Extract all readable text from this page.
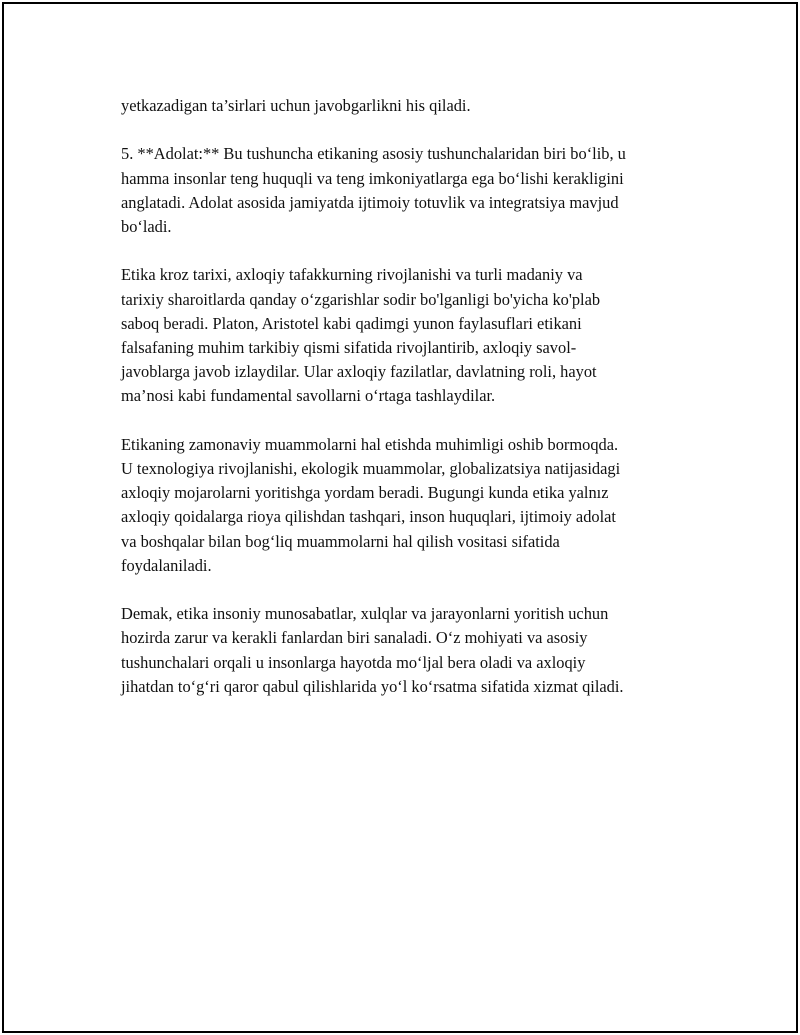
yetkazadigan ta’sirlari uchun javobgarlikni his qiladi.

5. **Adolat:** Bu tushuncha etikaning asosiy tushunchalaridan biri bo‘lib, u
hamma insonlar teng huquqli va teng imkoniyatlarga ega bo‘lishi kerakligini
anglatadi. Adolat asosida jamiyatda ijtimoiy totuvlik va integratsiya mavjud
bo‘ladi.

Etika kroz tarixi, axloqiy tafakkurning rivojlanishi va turli madaniy va
tarixiy sharoitlarda qanday o‘zgarishlar sodir bo'lganligi bo'yicha ko'plab
saboq beradi. Platon, Aristotel kabi qadimgi yunon faylasuflari etikani
falsafaning muhim tarkibiy qismi sifatida rivojlantirib, axloqiy savol-
javoblarga javob izlaydilar. Ular axloqiy fazilatlar, davlatning roli, hayot
ma’nosi kabi fundamental savollarni o‘rtaga tashlaydilar.

Etikaning zamonaviy muammolarni hal etishda muhimligi oshib bormoqda.
U texnologiya rivojlanishi, ekologik muammolar, globalizatsiya natijasidagi
axloqiy mojarolarni yoritishga yordam beradi. Bugungi kunda etika yalnız
axloqiy qoidalarga rioya qilishdan tashqari, inson huquqlari, ijtimoiy adolat
va boshqalar bilan bog‘liq muammolarni hal qilish vositasi sifatida
foydalaniladi.

Demak, etika insoniy munosabatlar, xulqlar va jarayonlarni yoritish uchun
hozirda zarur va kerakli fanlardan biri sanaladi. O‘z mohiyati va asosiy
tushunchalari orqali u insonlarga hayotda mo‘ljal bera oladi va axloqiy
jihatdan to‘g‘ri qaror qabul qilishlarida yo‘l ko‘rsatma sifatida xizmat qiladi.
